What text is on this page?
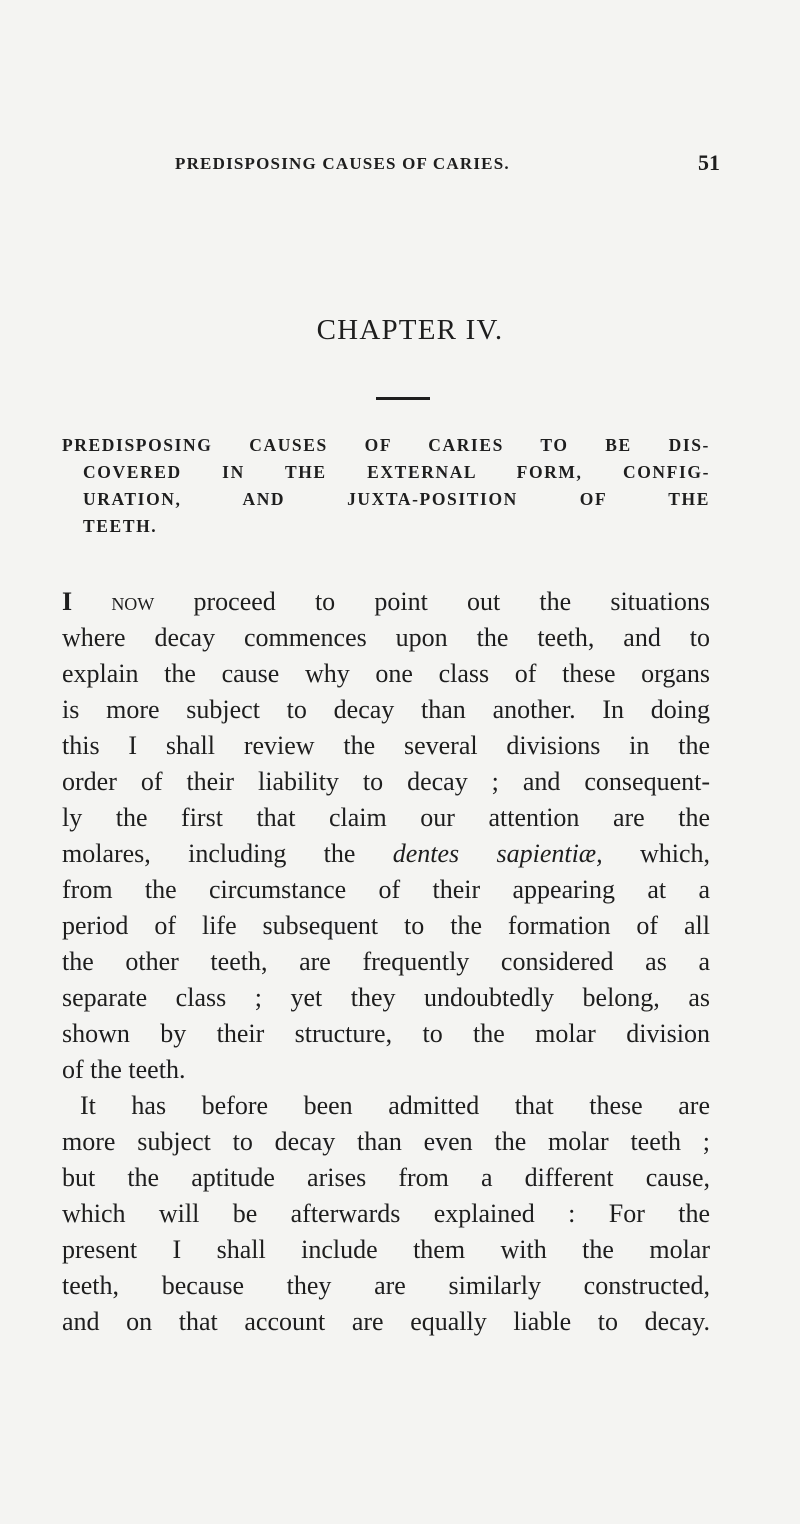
PREDISPOSING CAUSES OF CARIES.	51
CHAPTER IV.
PREDISPOSING CAUSES OF CARIES TO BE DIS-
COVERED IN THE EXTERNAL FORM, CONFIG-
URATION, AND JUXTA-POSITION OF THE
TEETH.
I now proceed to point out the situations
where decay commences upon the teeth, and to
explain the cause why one class of these organs
is more subject to decay than another. In doing
this I shall review the several divisions in the
order of their liability to decay ; and consequent-
ly the first that claim our attention are the
molares, including the dentes sapientiæ, which,
from the circumstance of their appearing at a
period of life subsequent to the formation of all
the other teeth, are frequently considered as a
separate class ; yet they undoubtedly belong, as
shown by their structure, to the molar division
of the teeth.
It has before been admitted that these are
more subject to decay than even the molar teeth ;
but the aptitude arises from a different cause,
which will be afterwards explained : For the
present I shall include them with the molar
teeth, because they are similarly constructed,
and on that account are equally liable to decay.
